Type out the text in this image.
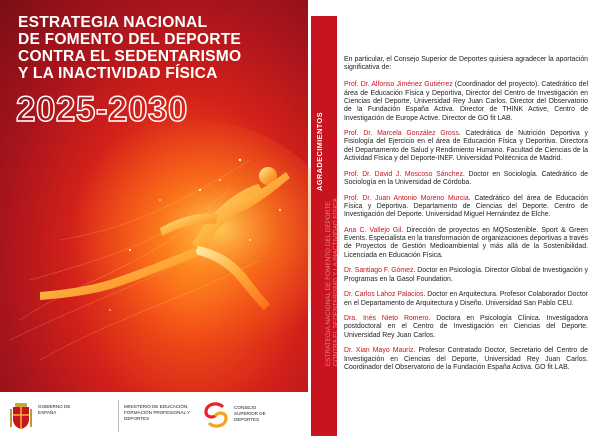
ESTRATEGIA NACIONAL
DE FOMENTO DEL DEPORTE
CONTRA EL SEDENTARISMO
Y LA INACTIVIDAD FÍSICA
2025-2030
GOBIERNO DE ESPAÑA
MINISTERIO DE EDUCACIÓN, FORMACIÓN PROFESIONAL Y DEPORTES
CONSEJO SUPERIOR DE DEPORTES
AGRADECIMIENTOS
ESTRATEGIA NACIONAL DE FOMENTO DEL DEPORTE CONTRA EL SEDENTARISMO Y LA INACTIVIDAD FÍSICA

En particular, el Consejo Superior de Deportes quisiera agradecer la aportación significativa de:

Prof. Dr. Alfonso Jiménez Gutiérrez (Coordinador del proyecto). Catedrático del área de Educación Física y Deportiva, Director del Centro de Investigación en Ciencias del Deporte, Universidad Rey Juan Carlos. Director del Observatorio de la Fundación España Activa. Director de THINK Active, Centro de Investigación de Europe Active. Director de GO fit LAB.

Prof. Dr. Marcela González Gross. Catedrática de Nutrición Deportiva y Fisiología del Ejercicio en el área de Educación Física y Deportiva. Directora del Departamento de Salud y Rendimiento Humano. Facultad de Ciencias de la Actividad Física y del Deporte-INEF. Universidad Politécnica de Madrid.

Prof. Dr. David J. Moscoso Sánchez. Doctor en Sociología. Catedrático de Sociología en la Universidad de Córdoba.

Prof. Dr. Juan Antonio Moreno Murcia. Catedrático del área de Educación Física y Deportiva. Departamento de Ciencias del Deporte. Centro de Investigación del Deporte. Universidad Miguel Hernández de Elche.

Ana C. Vallejo Gil. Dirección de proyectos en MQSostenible. Sport & Green Events. Especialista en la transformación de organizaciones deportivas a través de Proyectos de Gestión Medioambiental y más allá de la Sostenibilidad. Licenciada en Educación Física.

Dr. Santiago F. Gómez. Doctor en Psicología. Director Global de Investigación y Programas en la Gasol Foundation.

Dr. Carlos Lahoz Palacios. Doctor en Arquitectura. Profesor Colaborador Doctor en el Departamento de Arquitectura y Diseño. Universidad San Pablo CEU.

Dra. Inés Nieto Romero. Doctora en Psicología Clínica. Investigadora postdoctoral en el Centro de Investigación en Ciencias del Deporte. Universidad Rey Juan Carlos.

Dr. Xian Mayo Mauriz. Profesor Contratado Doctor, Secretario del Centro de Investigación en Ciencias del Deporte, Universidad Rey Juan Carlos. Coordinador del Observatorio de la Fundación España Activa. GO fit LAB.
